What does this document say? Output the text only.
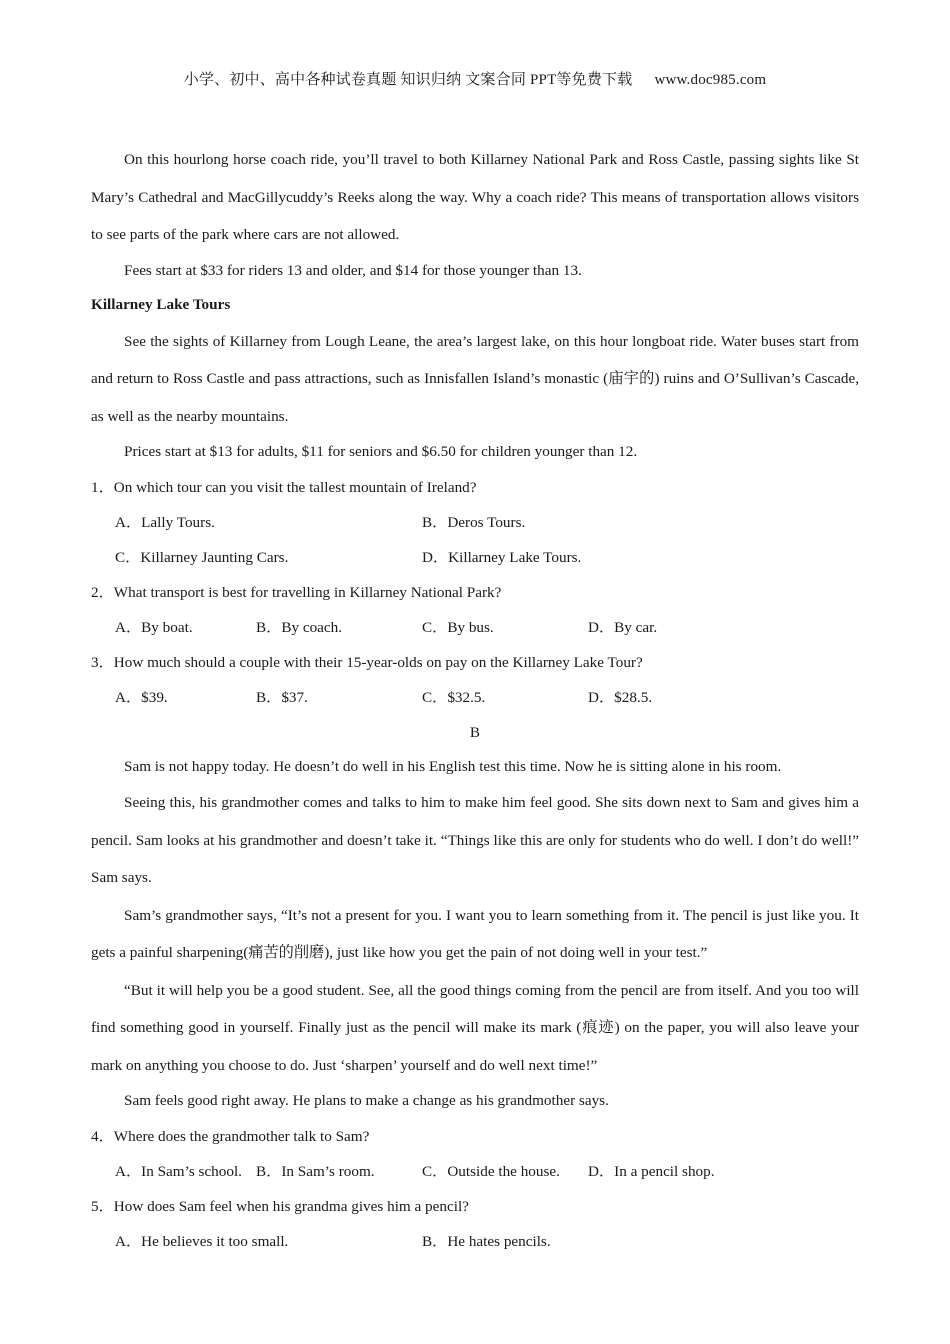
小学、初中、高中各种试卷真题 知识归纳 文案合同 PPT等免费下载 www.doc985.com

On this hourlong horse coach ride, you’ll travel to both Killarney National Park and Ross Castle, passing sights like St Mary’s Cathedral and MacGillycuddy’s Reeks along the way. Why a coach ride? This means of transportation allows visitors to see parts of the park where cars are not allowed.

Fees start at $33 for riders 13 and older, and $14 for those younger than 13.

Killarney Lake Tours

See the sights of Killarney from Lough Leane, the area’s largest lake, on this hour longboat ride. Water buses start from and return to Ross Castle and pass attractions, such as Innisfallen Island’s monastic (庙宇的) ruins and O’Sullivan’s Cascade, as well as the nearby mountains.

Prices start at $13 for adults, $11 for seniors and $6.50 for children younger than 12.

1．On which tour can you visit the tallest mountain of Ireland?

A．Lally Tours.	B．Deros Tours.
C．Killarney Jaunting Cars.	D．Killarney Lake Tours.

2．What transport is best for travelling in Killarney National Park?

A．By boat.	B．By coach.	C．By bus.	D．By car.

3．How much should a couple with their 15-year-olds on pay on the Killarney Lake Tour?

A．$39.	B．$37.	C．$32.5.	D．$28.5.

B

Sam is not happy today. He doesn’t do well in his English test this time. Now he is sitting alone in his room.

Seeing this, his grandmother comes and talks to him to make him feel good. She sits down next to Sam and gives him a pencil. Sam looks at his grandmother and doesn’t take it. “Things like this are only for students who do well. I don’t do well!” Sam says.

Sam’s grandmother says, “It’s not a present for you. I want you to learn something from it. The pencil is just like you. It gets a painful sharpening(痛苦的削磨), just like how you get the pain of not doing well in your test.”

“But it will help you be a good student. See, all the good things coming from the pencil are from itself. And you too will find something good in yourself. Finally just as the pencil will make its mark (痕迹) on the paper, you will also leave your mark on anything you choose to do. Just ‘sharpen’ yourself and do well next time!”

Sam feels good right away. He plans to make a change as his grandmother says.

4．Where does the grandmother talk to Sam?

A．In Sam’s school. B．In Sam’s room.	C．Outside the house. D．In a pencil shop.

5．How does Sam feel when his grandma gives him a pencil?

A．He believes it too small.	B．He hates pencils.
